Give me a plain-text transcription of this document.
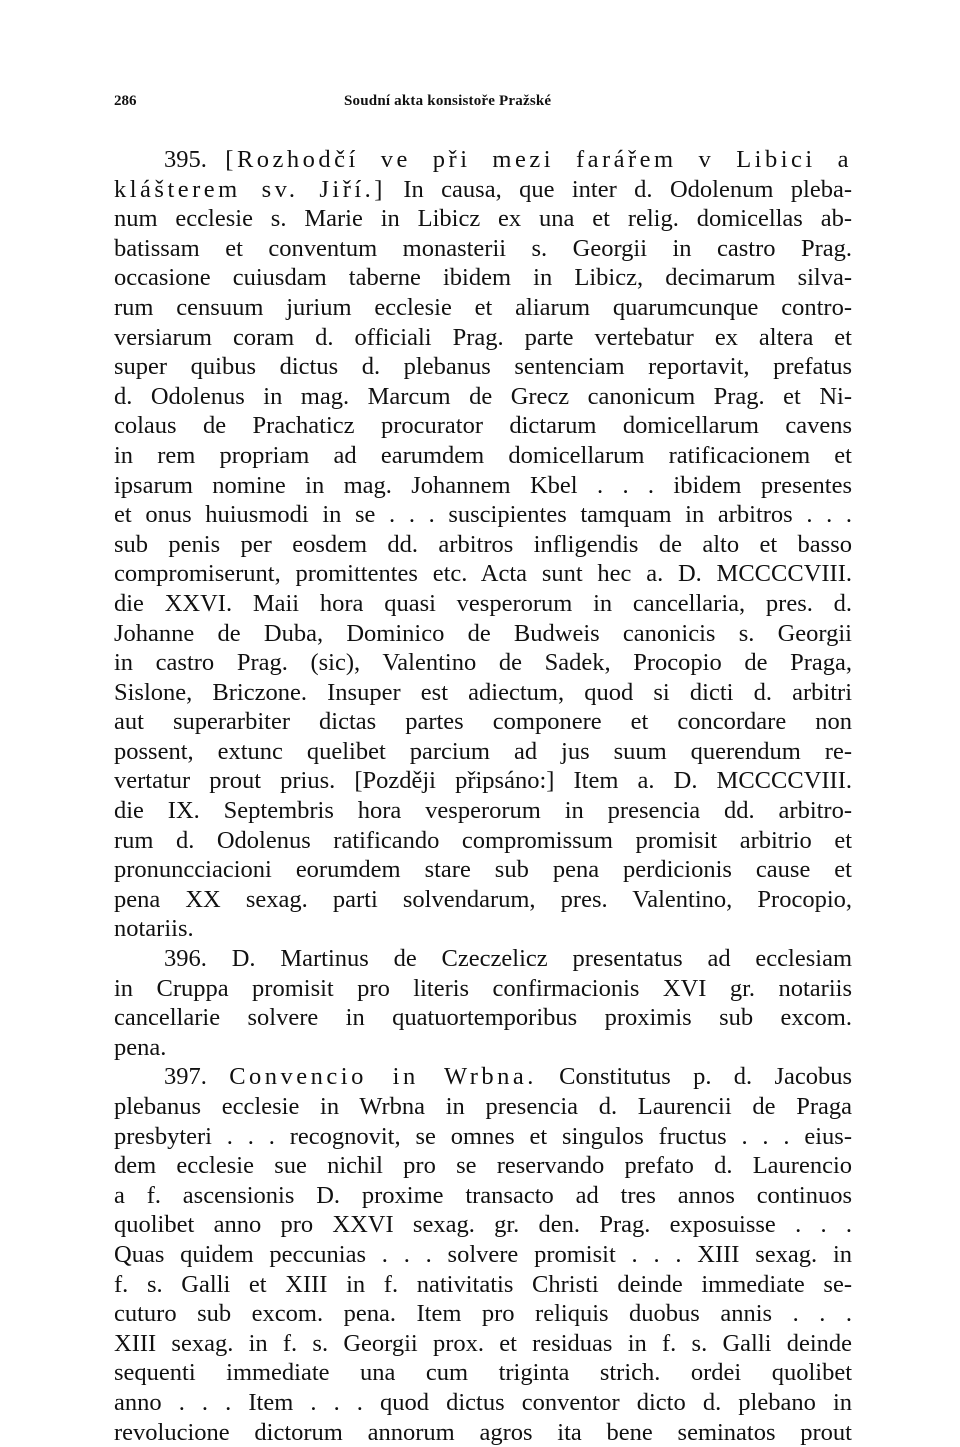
286	Soudní akta konsistoře Pražské
395. [Rozhodčí ve při mezi farářem v Libici a
klášterem sv. Jiří.] In causa, que inter d. Odolenum pleba-
num ecclesie s. Marie in Libicz ex una et relig. domicellas ab-
batissam et conventum monasterii s. Georgii in castro Prag.
occasione cuiusdam taberne ibidem in Libicz, decimarum silva-
rum censuum jurium ecclesie et aliarum quarumcunque contro-
versiarum coram d. officiali Prag. parte vertebatur ex altera et
super quibus dictus d. plebanus sentenciam reportavit, prefatus
d. Odolenus in mag. Marcum de Grecz canonicum Prag. et Ni-
colaus de Prachaticz procurator dictarum domicellarum cavens
in rem propriam ad earumdem domicellarum ratificacionem et
ipsarum nomine in mag. Johannem Kbel . . . ibidem presentes
et onus huiusmodi in se . . . suscipientes tamquam in arbitros . . .
sub penis per eosdem dd. arbitros infligendis de alto et basso
compromiserunt, promittentes etc. Acta sunt hec a. D. MCCCCVIII.
die XXVI. Maii hora quasi vesperorum in cancellaria, pres. d.
Johanne de Duba, Dominico de Budweis canonicis s. Georgii
in castro Prag. (sic), Valentino de Sadek, Procopio de Praga,
Sislone, Briczone. Insuper est adiectum, quod si dicti d. arbitri
aut superarbiter dictas partes componere et concordare non
possent, extunc quelibet parcium ad jus suum querendum re-
vertatur prout prius. [Později připsáno:] Item a. D. MCCCCVIII.
die IX. Septembris hora vesperorum in presencia dd. arbitro-
rum d. Odolenus ratificando compromissum promisit arbitrio et
pronuncciacioni eorumdem stare sub pena perdicionis cause et
pena XX sexag. parti solvendarum, pres. Valentino, Procopio,
notariis.
396. D. Martinus de Czeczelicz presentatus ad ecclesiam
in Cruppa promisit pro literis confirmacionis XVI gr. notariis
cancellarie solvere in quatuortemporibus proximis sub excom.
pena.
397. Convencio in Wrbna. Constitutus p. d. Jacobus
plebanus ecclesie in Wrbna in presencia d. Laurencii de Praga
presbyteri . . . recognovit, se omnes et singulos fructus . . . eius-
dem ecclesie sue nichil pro se reservando prefato d. Laurencio
a f. ascensionis D. proxime transacto ad tres annos continuos
quolibet anno pro XXVI sexag. gr. den. Prag. exposuisse . . .
Quas quidem peccunias . . . solvere promisit . . . XIII sexag. in
f. s. Galli et XIII in f. nativitatis Christi deinde immediate se-
cuturo sub excom. pena. Item pro reliquis duobus annis . . .
XIII sexag. in f. s. Georgii prox. et residuas in f. s. Galli deinde
sequenti immediate una cum triginta strich. ordei quolibet
anno . . . Item . . . quod dictus conventor dicto d. plebano in
revolucione dictorum annorum agros ita bene seminatos prout
